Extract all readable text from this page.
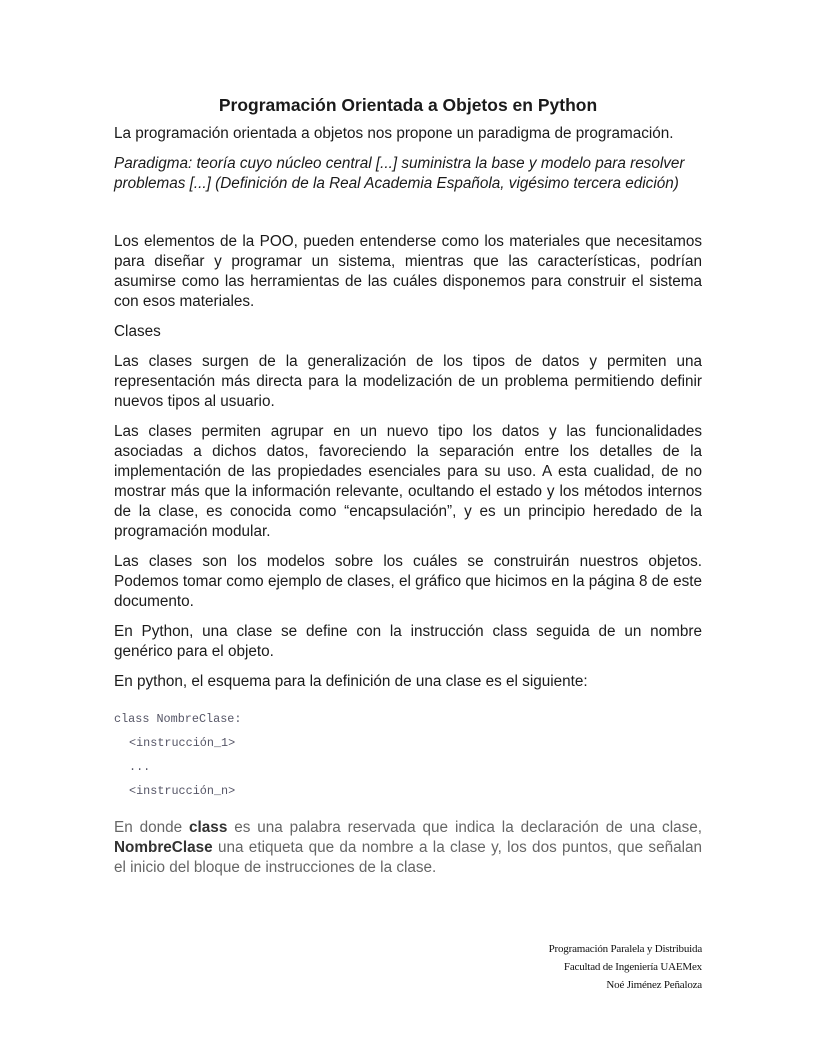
Programación Orientada a Objetos en Python

La programación orientada a objetos nos propone un paradigma de programación.

Paradigma: teoría cuyo núcleo central [...] suministra la base y modelo para resolver problemas [...] (Definición de la Real Academia Española, vigésimo tercera edición)

Los elementos de la POO, pueden entenderse como los materiales que necesitamos para diseñar y programar un sistema, mientras que las características, podrían asumirse como las herramientas de las cuáles disponemos para construir el sistema con esos materiales.

Clases

Las clases surgen de la generalización de los tipos de datos y permiten una representación más directa para la modelización de un problema permitiendo definir nuevos tipos al usuario.

Las clases permiten agrupar en un nuevo tipo los datos y las funcionalidades asociadas a dichos datos, favoreciendo la separación entre los detalles de la implementación de las propiedades esenciales para su uso. A esta cualidad, de no mostrar más que la información relevante, ocultando el estado y los métodos internos de la clase, es conocida como “encapsulación”, y es un principio heredado de la programación modular.

Las clases son los modelos sobre los cuáles se construirán nuestros objetos. Podemos tomar como ejemplo de clases, el gráfico que hicimos en la página 8 de este documento.

En Python, una clase se define con la instrucción class seguida de un nombre genérico para el objeto.

En python, el esquema para la definición de una clase es el siguiente:

class NombreClase:
<instrucción_1>
...
<instrucción_n>

En donde class es una palabra reservada que indica la declaración de una clase, NombreClase una etiqueta que da nombre a la clase y, los dos puntos, que señalan el inicio del bloque de instrucciones de la clase.

Programación Paralela y Distribuida
Facultad de Ingeniería UAEMex
Noé Jiménez Peñaloza
